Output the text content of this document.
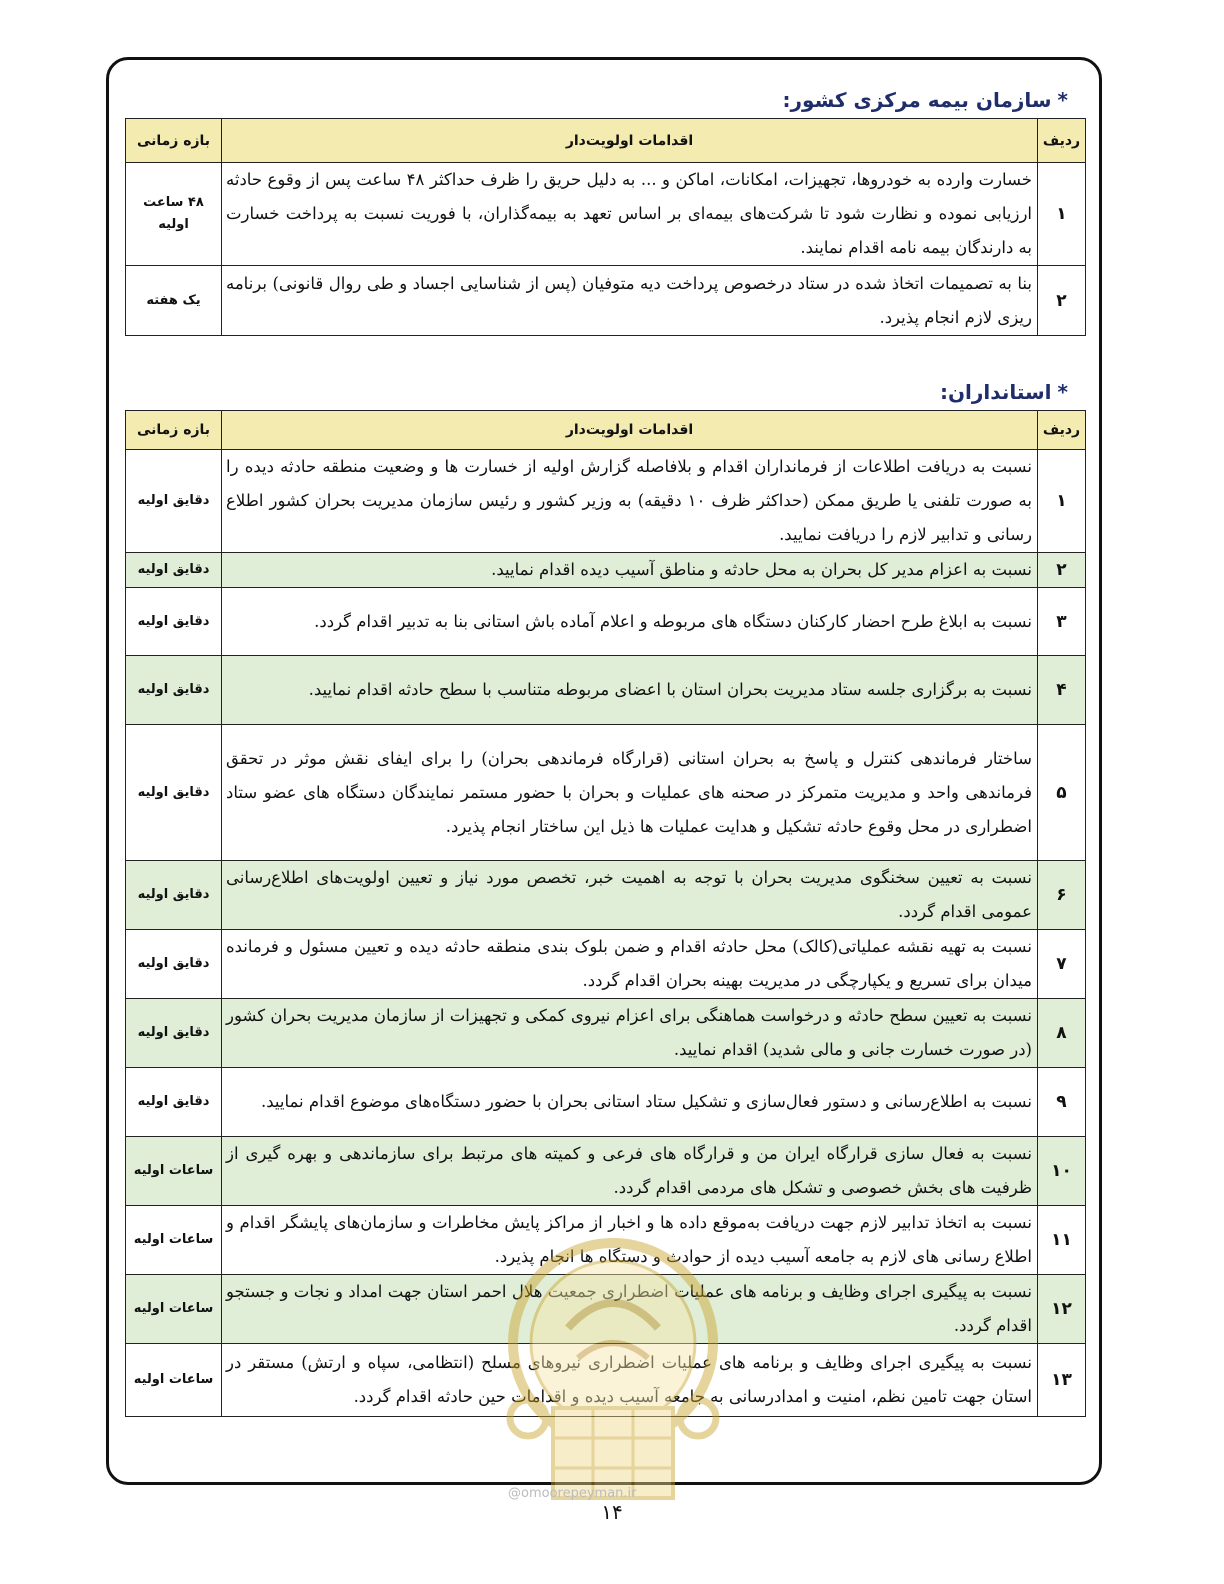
*سازمان بیمه مرکزی کشور:
ردیف	اقدامات اولویت‌دار	بازه زمانی
۱	خسارت وارده به خودروها، تجهیزات، امکانات، اماکن و ... به دلیل حریق را ظرف حداکثر ۴۸ ساعت پس از وقوع حادثه ارزیابی نموده و نظارت شود تا شرکت‌های بیمه‌ای بر اساس تعهد به بیمه‌گذاران، با فوریت نسبت به پرداخت خسارت به دارندگان بیمه نامه اقدام نمایند.	۴۸ ساعت اولیه
۲	بنا به تصمیمات اتخاذ شده در ستاد درخصوص پرداخت دیه متوفیان (پس از شناسایی اجساد و طی روال قانونی) برنامه ریزی لازم انجام پذیرد.	یک هفته
*استانداران:
ردیف	اقدامات اولویت‌دار	بازه زمانی
۱	نسبت به دریافت اطلاعات از فرمانداران اقدام و بلافاصله گزارش اولیه از خسارت ها و وضعیت منطقه حادثه دیده را به صورت تلفنی یا طریق ممکن (حداکثر ظرف ۱۰ دقیقه) به وزیر کشور و رئیس سازمان مدیریت بحران کشور اطلاع رسانی و تدابیر لازم را دریافت نمایید.	دقایق اولیه
۲	نسبت به اعزام مدیر کل بحران به محل حادثه و مناطق آسیب دیده اقدام نمایید.	دقایق اولیه
۳	نسبت به ابلاغ طرح احضار کارکنان دستگاه های مربوطه و اعلام آماده باش استانی بنا به تدبیر اقدام گردد.	دقایق اولیه
۴	نسبت به برگزاری جلسه ستاد مدیریت بحران استان با اعضای مربوطه متناسب با سطح حادثه اقدام نمایید.	دقایق اولیه
۵	ساختار فرماندهی کنترل و پاسخ به بحران استانی (قرارگاه فرماندهی بحران) را برای ایفای نقش موثر در تحقق فرماندهی واحد و مدیریت متمرکز در صحنه های عملیات و بحران با حضور مستمر نمایندگان دستگاه های عضو ستاد اضطراری در محل وقوع حادثه تشکیل و هدایت عملیات ها ذیل این ساختار انجام پذیرد.	دقایق اولیه
۶	نسبت به تعیین سخنگوی مدیریت بحران با توجه به اهمیت خبر، تخصص مورد نیاز و تعیین اولویت‌های اطلاع‌رسانی عمومی اقدام گردد.	دقایق اولیه
۷	نسبت به تهیه نقشه عملیاتی(کالک) محل حادثه اقدام و ضمن بلوک بندی منطقه حادثه دیده و تعیین مسئول و فرمانده میدان برای تسریع و یکپارچگی در مدیریت بهینه بحران اقدام گردد.	دقایق اولیه
۸	نسبت به تعیین سطح حادثه و درخواست هماهنگی برای اعزام نیروی کمکی و تجهیزات از سازمان مدیریت بحران کشور (در صورت خسارت جانی و مالی شدید) اقدام نمایید.	دقایق اولیه
۹	نسبت به اطلاع‌رسانی و دستور فعال‌سازی و تشکیل ستاد استانی بحران با حضور دستگاه‌های موضوع اقدام نمایید.	دقایق اولیه
۱۰	نسبت به فعال سازی قرارگاه ایران من و قرارگاه های فرعی و کمیته های مرتبط برای سازماندهی و بهره گیری از ظرفیت های بخش خصوصی و تشکل های مردمی اقدام گردد.	ساعات اولیه
۱۱	نسبت به اتخاذ تدابیر لازم جهت دریافت به‌موقع داده ها و اخبار از مراکز پایش مخاطرات و سازمان‌های پایشگر اقدام و اطلاع رسانی های لازم به جامعه آسیب دیده از حوادث و دستگاه ها انجام پذیرد.	ساعات اولیه
۱۲	نسبت به پیگیری اجرای وظایف و برنامه های عملیات اضطراری جمعیت هلال احمر استان جهت امداد و نجات و جستجو اقدام گردد.	ساعات اولیه
۱۳	نسبت به پیگیری اجرای وظایف و برنامه های عملیات اضطراری نیروهای مسلح (انتظامی، سپاه و ارتش) مستقر در استان جهت تامین نظم، امنیت و امدادرسانی به جامعه آسیب دیده و اقدامات حین حادثه اقدام گردد.	ساعات اولیه
@omoorepeyman.ir
۱۴
